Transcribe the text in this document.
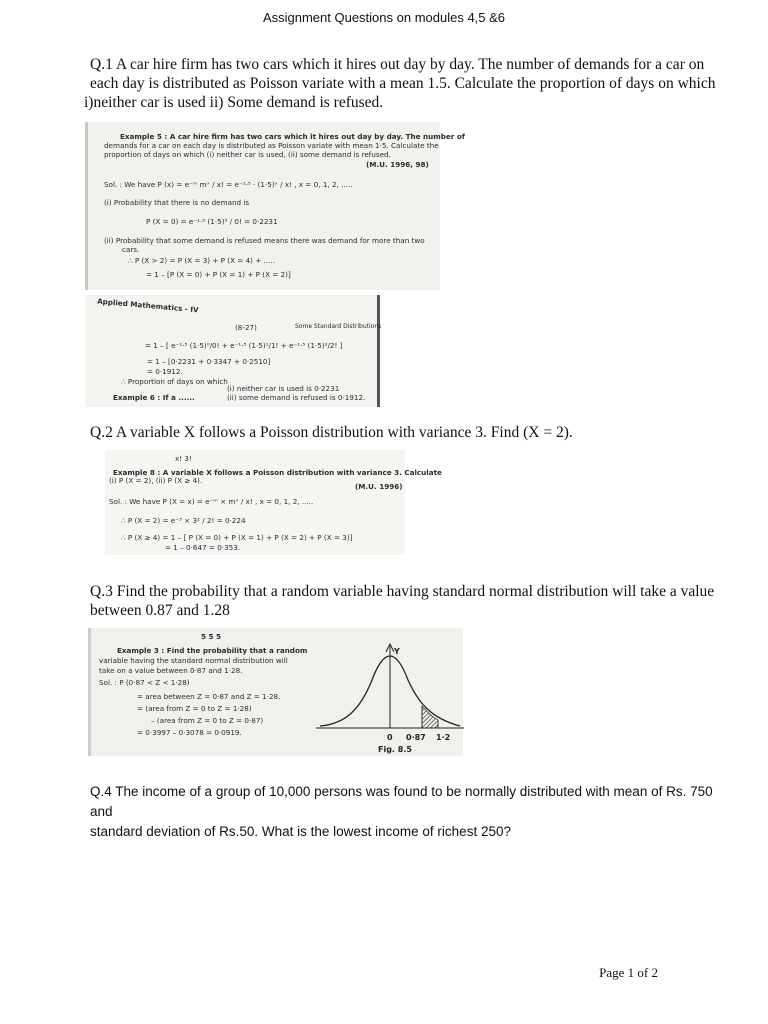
Assignment Questions on modules 4,5 &6
Q.1 A car hire firm has two cars which it hires out day by day. The number of demands for a car on
each day is distributed as Poisson variate with a mean 1.5. Calculate the proportion of days on which
i)neither car is used ii) Some demand is refused.
Example 5 : A car hire firm has two cars which it hires out day by day. The number of
demands for a car on each day is distributed as Poisson variate with mean 1·5. Calculate the
proportion of days on which (i) neither car is used, (ii) some demand is refused.
(M.U. 1996, 98)
Sol. : We have P (x) = e⁻ᵐ mˣ / x! = e⁻¹·⁵ · (1·5)ˣ / x! , x = 0, 1, 2, .....
(i) Probability that there is no demand is
P (X = 0) = e⁻¹·⁵ (1·5)⁰ / 0! = 0·2231
(ii) Probability that some demand is refused means there was demand for more than two
cars.
∴ P (X > 2) = P (X = 3) + P (X = 4) + .....
= 1 – [P (X = 0) + P (X = 1) + P (X = 2)]
Applied Mathematics - IV
(8-27)	Some Standard Distributions
= 1 – [ e⁻¹·⁵ (1·5)⁰/0! + e⁻¹·⁵ (1·5)¹/1! + e⁻¹·⁵ (1·5)²/2! ]
= 1 – [0·2231 + 0·3347 + 0·2510]
= 0·1912.
∴ Proportion of days on which
(i) neither car is used is 0·2231
(ii) some demand is refused is 0·1912.
Example 6 : If a ......
Q.2 A variable X follows a Poisson distribution with variance 3. Find (X = 2).
x! 3!
Example 8 : A variable X follows a Poisson distribution with variance 3. Calculate
(i) P (X = 2), (ii) P (X ≥ 4).
(M.U. 1996)
Sol. : We have P (X = x) = e⁻ᵐ × mˣ / x! , x = 0, 1, 2, .....
∴ P (X = 2) = e⁻³ × 3² / 2! = 0·224
∴ P (X ≥ 4) = 1 – [ P (X = 0) + P (X = 1) + P (X = 2) + P (X = 3)]
= 1 – 0·647 = 0·353.
Q.3 Find the probability that a random variable having standard normal distribution will take a value
between 0.87 and 1.28
5 5 5
Example 3 : Find the probability that a random
variable having the standard normal distribution will
take on a value between 0·87 and 1·28.
Sol. : P (0·87 < Z < 1·28)
= area between Z = 0·87 and Z = 1·28.
= (area from Z = 0 to Z = 1·28)
– (area from Z = 0 to Z = 0·87)
= 0·3997 – 0·3078 = 0·0919.
Y
0 0·87 1·2
Fig. 8.5
Q.4 The income of a group of 10,000 persons was found to be normally distributed with mean of Rs. 750 and
standard deviation of Rs.50. What is the lowest income of richest 250?
Page 1 of 2
